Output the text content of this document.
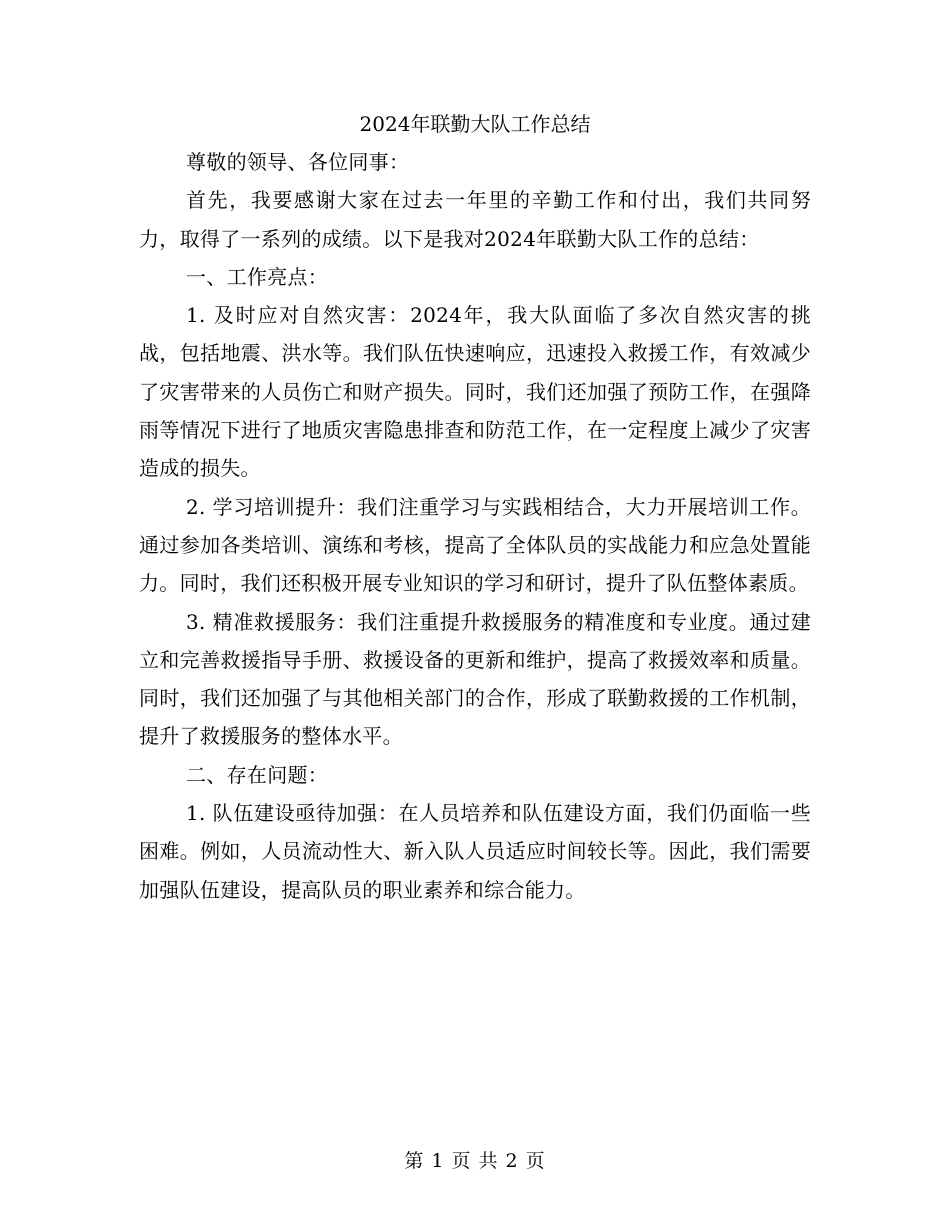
2024年联勤大队工作总结

尊敬的领导、各位同事：

首先，我要感谢大家在过去一年里的辛勤工作和付出，我们共同努力，取得了一系列的成绩。以下是我对2024年联勤大队工作的总结：

一、工作亮点：

1. 及时应对自然灾害：2024年，我大队面临了多次自然灾害的挑战，包括地震、洪水等。我们队伍快速响应，迅速投入救援工作，有效减少了灾害带来的人员伤亡和财产损失。同时，我们还加强了预防工作，在强降雨等情况下进行了地质灾害隐患排查和防范工作，在一定程度上减少了灾害造成的损失。

2. 学习培训提升：我们注重学习与实践相结合，大力开展培训工作。通过参加各类培训、演练和考核，提高了全体队员的实战能力和应急处置能力。同时，我们还积极开展专业知识的学习和研讨，提升了队伍整体素质。

3. 精准救援服务：我们注重提升救援服务的精准度和专业度。通过建立和完善救援指导手册、救援设备的更新和维护，提高了救援效率和质量。同时，我们还加强了与其他相关部门的合作，形成了联勤救援的工作机制，提升了救援服务的整体水平。

二、存在问题：

1. 队伍建设亟待加强：在人员培养和队伍建设方面，我们仍面临一些困难。例如，人员流动性大、新入队人员适应时间较长等。因此，我们需要加强队伍建设，提高队员的职业素养和综合能力。

第 1 页 共 2 页
